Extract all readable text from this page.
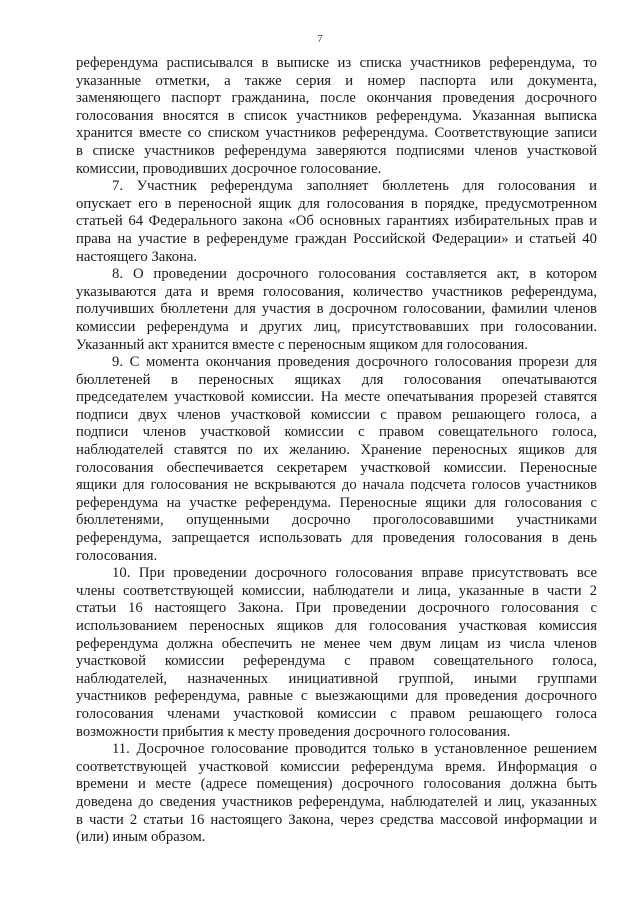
7
референдума расписывался в выписке из списка участников референдума, то
указанные отметки, а также серия и номер паспорта или документа,
заменяющего паспорт гражданина, после окончания проведения досрочного
голосования вносятся в список участников референдума. Указанная выписка
хранится вместе со списком участников референдума. Соответствующие записи
в списке участников референдума заверяются подписями членов участковой
комиссии, проводивших досрочное голосование.
7. Участник референдума заполняет бюллетень для голосования и
опускает его в переносной ящик для голосования в порядке, предусмотренном
статьей 64 Федерального закона «Об основных гарантиях избирательных прав и
права на участие в референдуме граждан Российской Федерации» и статьей 40
настоящего Закона.
8. О проведении досрочного голосования составляется акт, в котором
указываются дата и время голосования, количество участников референдума,
получивших бюллетени для участия в досрочном голосовании, фамилии членов
комиссии референдума и других лиц, присутствовавших при голосовании.
Указанный акт хранится вместе с переносным ящиком для голосования.
9. С момента окончания проведения досрочного голосования прорези для
бюллетеней в переносных ящиках для голосования опечатываются
председателем участковой комиссии. На месте опечатывания прорезей ставятся
подписи двух членов участковой комиссии с правом решающего голоса, а
подписи членов участковой комиссии с правом совещательного голоса,
наблюдателей ставятся по их желанию. Хранение переносных ящиков для
голосования обеспечивается секретарем участковой комиссии. Переносные
ящики для голосования не вскрываются до начала подсчета голосов участников
референдума на участке референдума. Переносные ящики для голосования с
бюллетенями, опущенными досрочно проголосовавшими участниками
референдума, запрещается использовать для проведения голосования в день
голосования.
10. При проведении досрочного голосования вправе присутствовать все
члены соответствующей комиссии, наблюдатели и лица, указанные в части 2
статьи 16 настоящего Закона. При проведении досрочного голосования с
использованием переносных ящиков для голосования участковая комиссия
референдума должна обеспечить не менее чем двум лицам из числа членов
участковой комиссии референдума с правом совещательного голоса,
наблюдателей, назначенных инициативной группой, иными группами
участников референдума, равные с выезжающими для проведения досрочного
голосования членами участковой комиссии с правом решающего голоса
возможности прибытия к месту проведения досрочного голосования.
11. Досрочное голосование проводится только в установленное решением
соответствующей участковой комиссии референдума время. Информация о
времени и месте (адресе помещения) досрочного голосования должна быть
доведена до сведения участников референдума, наблюдателей и лиц, указанных
в части 2 статьи 16 настоящего Закона, через средства массовой информации и
(или) иным образом.
